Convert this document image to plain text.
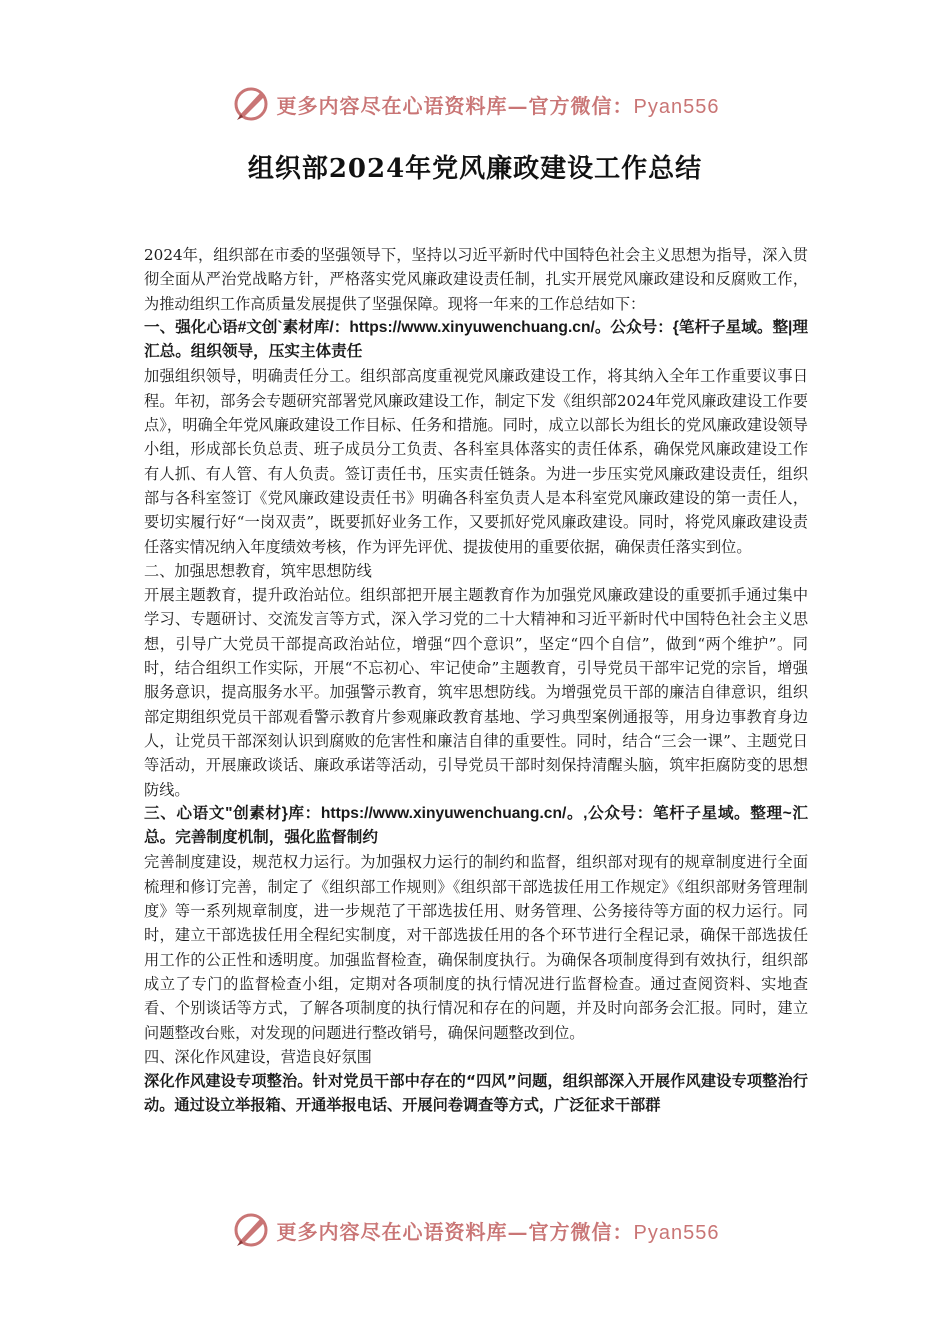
更多内容尽在心语资料库—官方微信：Pyan556
组织部2024年党风廉政建设工作总结

2024年，组织部在市委的坚强领导下，坚持以习近平新时代中国特色社会主义思想为指导，深入贯彻全面从严治党战略方针，严格落实党风廉政建设责任制，扎实开展党风廉政建设和反腐败工作，为推动组织工作高质量发展提供了坚强保障。现将一年来的工作总结如下：

一、强化心语#文创`素材库/：https://www.xinyuwenchuang.cn/。公众号：{笔杆子星域。整|理汇总。组织领导，压实主体责任

加强组织领导，明确责任分工。组织部高度重视党风廉政建设工作，将其纳入全年工作重要议事日程。年初，部务会专题研究部署党风廉政建设工作，制定下发《组织部2024年党风廉政建设工作要点》，明确全年党风廉政建设工作目标、任务和措施。同时，成立以部长为组长的党风廉政建设领导小组，形成部长负总责、班子成员分工负责、各科室具体落实的责任体系，确保党风廉政建设工作有人抓、有人管、有人负责。签订责任书，压实责任链条。为进一步压实党风廉政建设责任，组织部与各科室签订《党风廉政建设责任书》明确各科室负责人是本科室党风廉政建设的第一责任人，要切实履行好“一岗双责”，既要抓好业务工作，又要抓好党风廉政建设。同时，将党风廉政建设责任落实情况纳入年度绩效考核，作为评先评优、提拔使用的重要依据，确保责任落实到位。

二、加强思想教育，筑牢思想防线

开展主题教育，提升政治站位。组织部把开展主题教育作为加强党风廉政建设的重要抓手通过集中学习、专题研讨、交流发言等方式，深入学习党的二十大精神和习近平新时代中国特色社会主义思想，引导广大党员干部提高政治站位，增强“四个意识”，坚定“四个自信”，做到“两个维护”。同时，结合组织工作实际，开展“不忘初心、牢记使命”主题教育，引导党员干部牢记党的宗旨，增强服务意识，提高服务水平。加强警示教育，筑牢思想防线。为增强党员干部的廉洁自律意识，组织部定期组织党员干部观看警示教育片参观廉政教育基地、学习典型案例通报等，用身边事教育身边人，让党员干部深刻认识到腐败的危害性和廉洁自律的重要性。同时，结合“三会一课”、主题党日等活动，开展廉政谈话、廉政承诺等活动，引导党员干部时刻保持清醒头脑，筑牢拒腐防变的思想防线。

三、心语文"创素材}库：https://www.xinyuwenchuang.cn/。,公众号：笔杆子星域。整理~汇总。完善制度机制，强化监督制约

完善制度建设，规范权力运行。为加强权力运行的制约和监督，组织部对现有的规章制度进行全面梳理和修订完善，制定了《组织部工作规则》《组织部干部选拔任用工作规定》《组织部财务管理制度》等一系列规章制度，进一步规范了干部选拔任用、财务管理、公务接待等方面的权力运行。同时，建立干部选拔任用全程纪实制度，对干部选拔任用的各个环节进行全程记录，确保干部选拔任用工作的公正性和透明度。加强监督检查，确保制度执行。为确保各项制度得到有效执行，组织部成立了专门的监督检查小组，定期对各项制度的执行情况进行监督检查。通过查阅资料、实地查看、个别谈话等方式，了解各项制度的执行情况和存在的问题，并及时向部务会汇报。同时，建立问题整改台账，对发现的问题进行整改销号，确保问题整改到位。

四、深化作风建设，营造良好氛围

深化作风建设专项整治。针对党员干部中存在的“四风”问题，组织部深入开展作风建设专项整治行动。通过设立举报箱、开通举报电话、开展问卷调查等方式，广泛征求干部群

更多内容尽在心语资料库—官方微信：Pyan556
